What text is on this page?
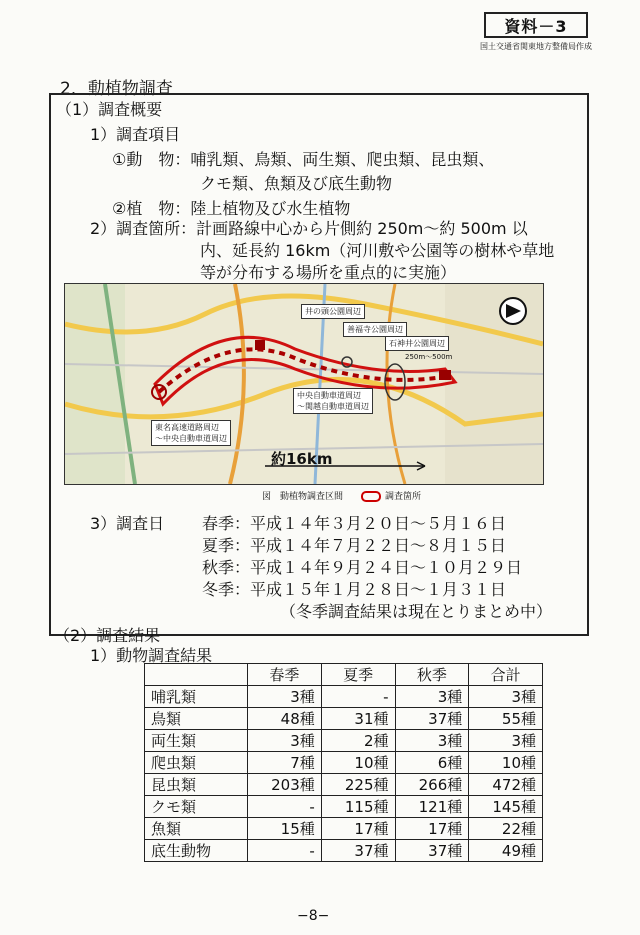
資料－3
国土交通省関東地方整備局作成
2．動植物調査
（1）調査概要
1）調査項目
①動　物：哺乳類、鳥類、両生類、爬虫類、昆虫類、
クモ類、魚類及び底生動物
②植　物：陸上植物及び水生植物
2）調査箇所：計画路線中心から片側約 250m～約 500m 以
内、延長約 16km（河川敷や公園等の樹林や草地
等が分布する場所を重点的に実施）
井の頭公園周辺
善福寺公園周辺
石神井公園周辺
250m～500m
中央自動車道周辺
～関越自動車道周辺
東名高速道路周辺
～中央自動車道周辺
約16km
図　動植物調査区間	調査箇所
3）調査日 春季：平成１４年３月２０日～５月１６日
夏季：平成１４年７月２２日～８月１５日
秋季：平成１４年９月２４日～１０月２９日
冬季：平成１５年１月２８日～１月３１日
（冬季調査結果は現在とりまとめ中）
（2）調査結果
1）動物調査結果
	春季	夏季	秋季	合計
哺乳類	3種	-	3種	3種
鳥類	48種	31種	37種	55種
両生類	3種	2種	3種	3種
爬虫類	7種	10種	6種	10種
昆虫類	203種	225種	266種	472種
クモ類	-	115種	121種	145種
魚類	15種	17種	17種	22種
底生動物	-	37種	37種	49種
−8−
